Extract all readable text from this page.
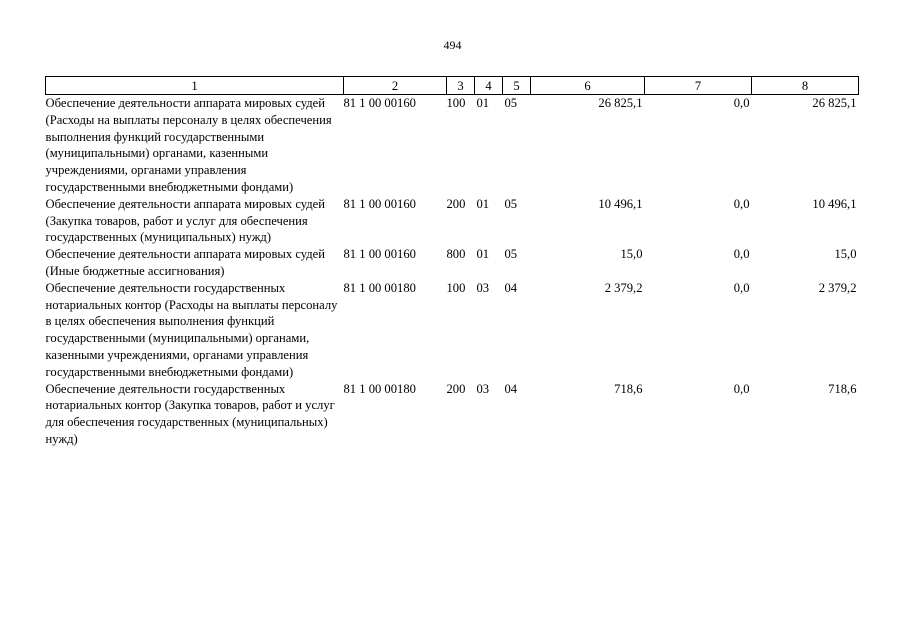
494
1	2	3	4	5	6	7	8
Обеспечение деятельности аппарата мировых судей (Расходы на выплаты персоналу в целях обеспечения выполнения функций государственными (муниципальными) органами, казенными учреждениями, органами управления государственными внебюджетными фондами)	81 1 00 00160	100	01	05	26 825,1	0,0	26 825,1
Обеспечение деятельности аппарата мировых судей (Закупка товаров, работ и услуг для обеспечения государственных (муниципальных) нужд)	81 1 00 00160	200	01	05	10 496,1	0,0	10 496,1
Обеспечение деятельности аппарата мировых судей (Иные бюджетные ассигнования)	81 1 00 00160	800	01	05	15,0	0,0	15,0
Обеспечение деятельности государственных нотариальных контор (Расходы на выплаты персоналу в целях обеспечения выполнения функций государственными (муниципальными) органами, казенными учреждениями, органами управления государственными внебюджетными фондами)	81 1 00 00180	100	03	04	2 379,2	0,0	2 379,2
Обеспечение деятельности государственных нотариальных контор (Закупка товаров, работ и услуг для обеспечения государственных (муниципальных) нужд)	81 1 00 00180	200	03	04	718,6	0,0	718,6
